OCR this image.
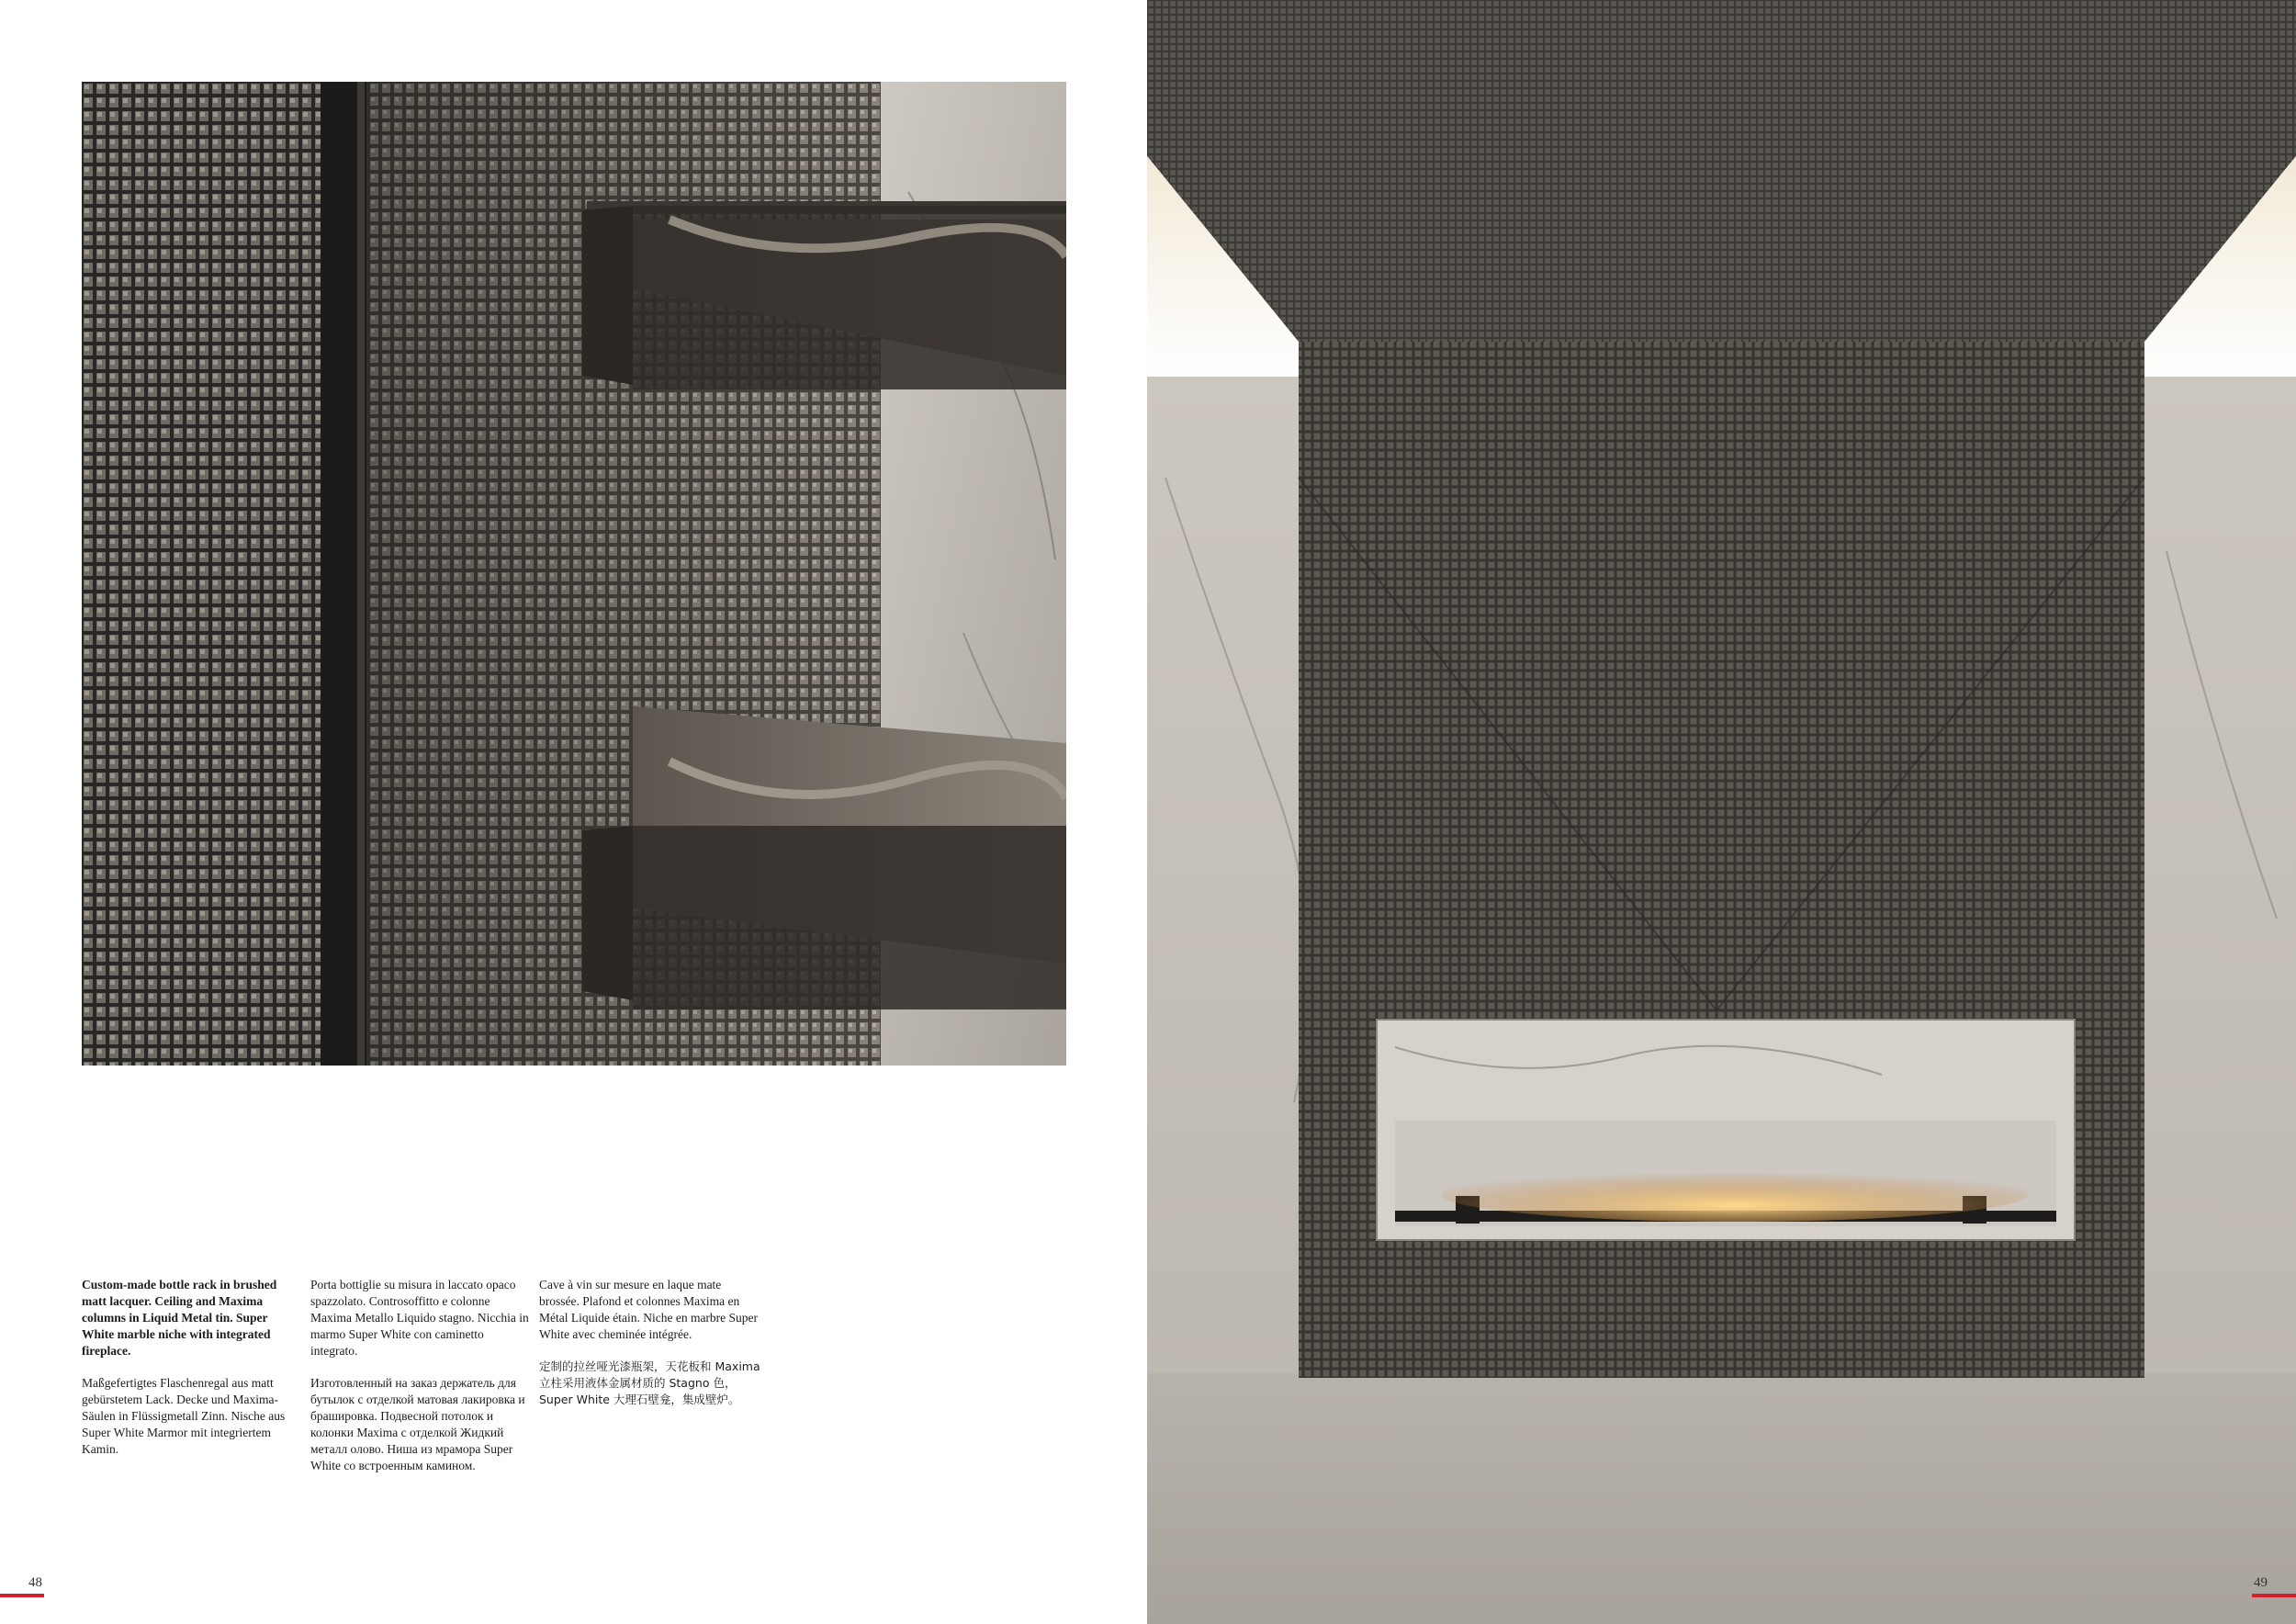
Custom-made bottle rack in brushed matt lacquer. Ceiling and Maxima columns in Liquid Metal tin. Super White marble niche with integrated fireplace.

Maßgefertigtes Flaschenregal aus matt gebürstetem Lack. Decke und Maxima-Säulen in Flüssigmetall Zinn. Nische aus Super White Marmor mit integriertem Kamin.

Porta bottiglie su misura in laccato opaco spazzolato. Controsoffitto e colonne Maxima Metallo Liquido stagno. Nicchia in marmo Super White con caminetto integrato.

Изготовленный на заказ держатель для бутылок с отделкой матовая лакировка и брашировка. Подвесной потолок и колонки Maxima с отделкой Жидкий металл олово. Ниша из мрамора Super White со встроенным камином.

Cave à vin sur mesure en laque mate brossée. Plafond et colonnes Maxima en Métal Liquide étain. Niche en marbre Super White avec cheminée intégrée.

定制的拉丝哑光漆瓶架，天花板和 Maxima 立柱采用液体金属材质的 Stagno 色，Super White 大理石壁龛，集成壁炉。

48	49
